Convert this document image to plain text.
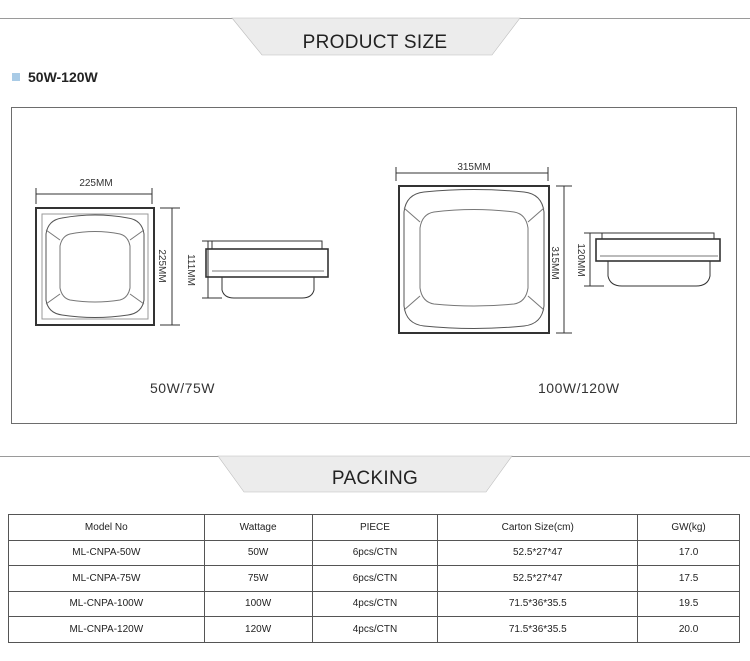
PRODUCT SIZE
50W-120W
225MM
225MM 111MM
315MM
315MM 120MM
50W/75W	100W/120W
PACKING
Model No	Wattage	PIECE	Carton Size(cm)	GW(kg)
ML-CNPA-50W	50W	6pcs/CTN	52.5*27*47	17.0
ML-CNPA-75W	75W	6pcs/CTN	52.5*27*47	17.5
ML-CNPA-100W	100W	4pcs/CTN	71.5*36*35.5	19.5
ML-CNPA-120W	120W	4pcs/CTN	71.5*36*35.5	20.0
